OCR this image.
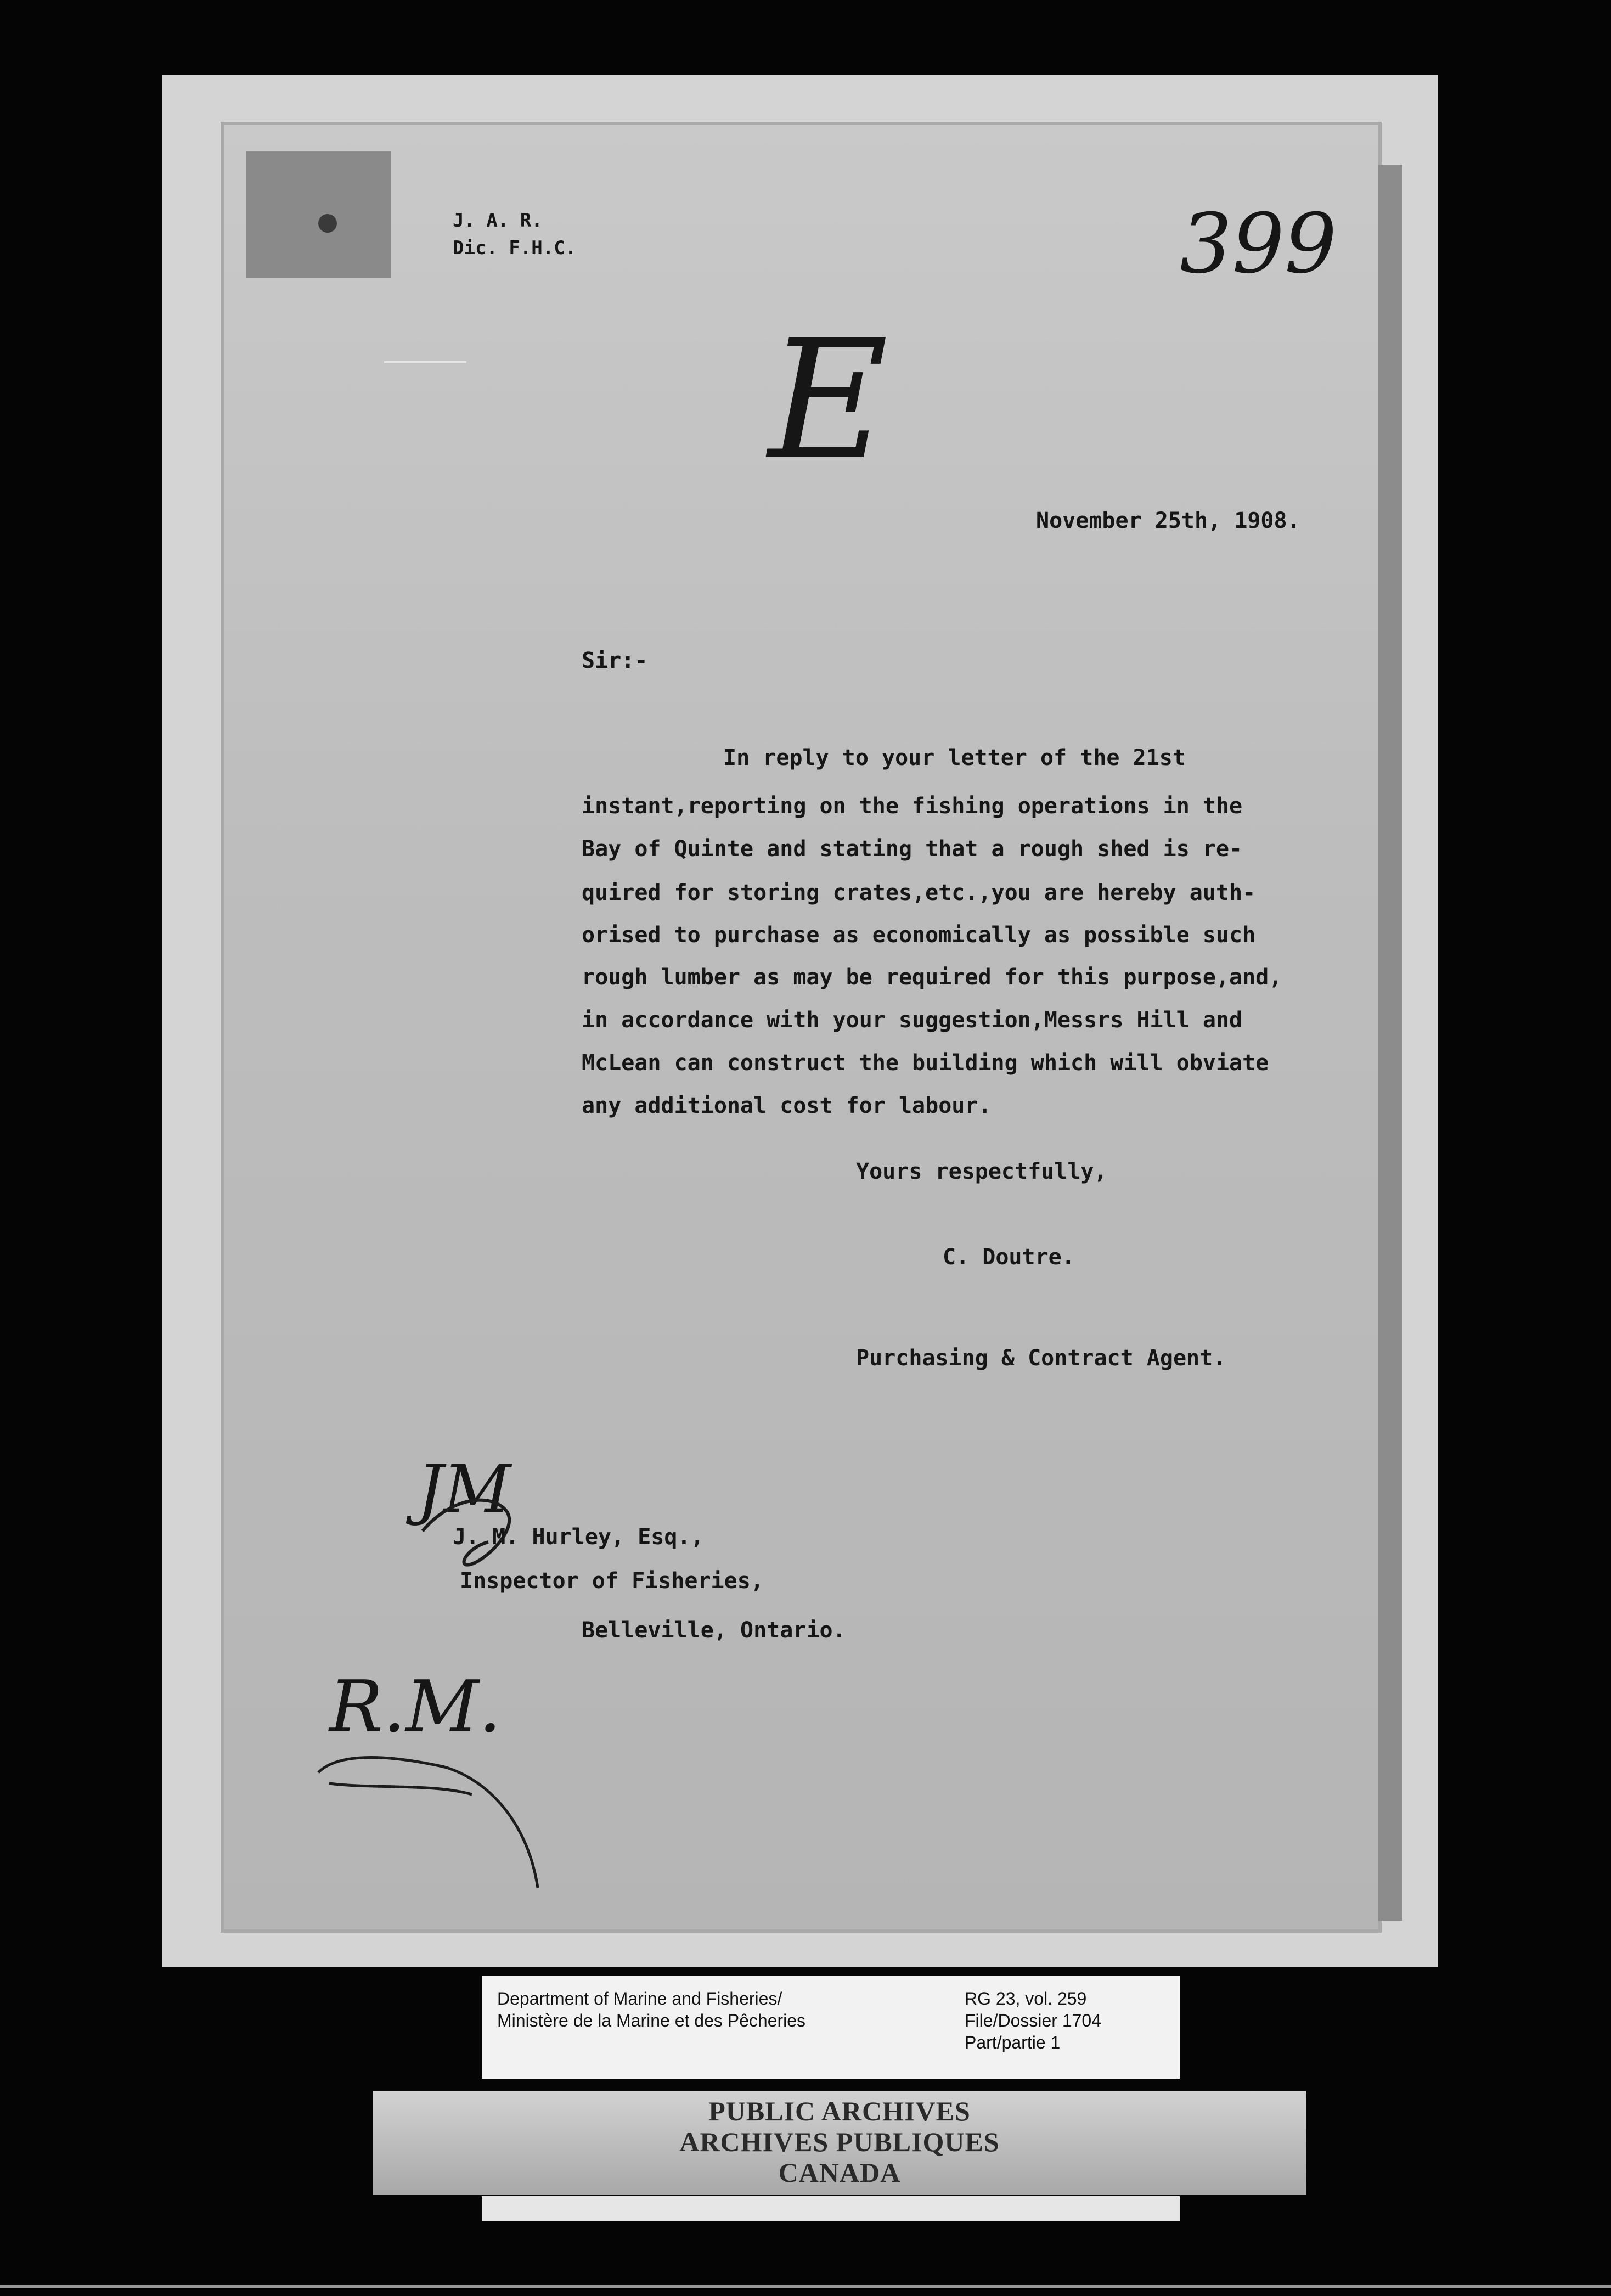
J. A. R.
Dic. F.H.C.	399
E
November 25th, 1908.
Sir:-
In reply to your letter of the 21st
instant,reporting on the fishing operations in the
Bay of Quinte and stating that a rough shed is re-
quired for storing crates,etc.,you are hereby auth-
orised to purchase as economically as possible such
rough lumber as may be required for this purpose,and,
in accordance with your suggestion,Messrs Hill and
McLean can construct the building which will obviate
any additional cost for labour.
Yours respectfully,
C. Doutre.
Purchasing & Contract Agent.
JM
J. M. Hurley, Esq.,
Inspector of Fisheries,
Belleville, Ontario.
R.M.
Department of Marine and Fisheries/
Ministère de la Marine et des Pêcheries
RG 23, vol. 259
File/Dossier 1704
Part/partie 1
PUBLIC ARCHIVES
ARCHIVES PUBLIQUES
CANADA
